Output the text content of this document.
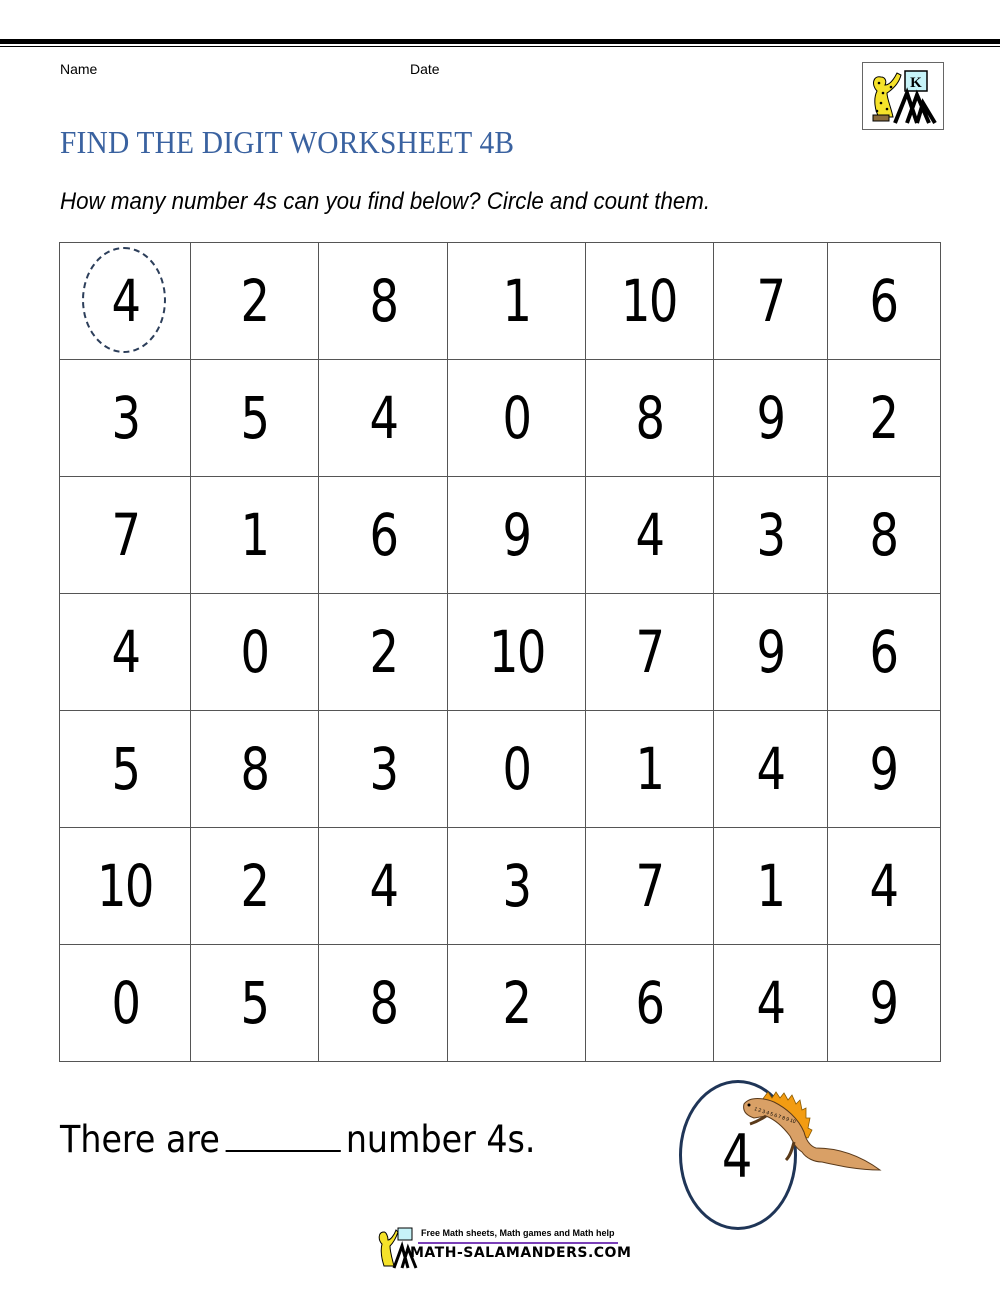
Name	Date
K
FIND THE DIGIT WORKSHEET 4B
How many number 4s can you find below? Circle and count them.
4	2	8	1	10	7	6
3	5	4	0	8	9	2
7	1	6	9	4	3	8
4	0	2	10	7	9	6
5	8	3	0	1	4	9
10	2	4	3	7	1	4
0	5	8	2	6	4	9
There are	number 4s.	4
1 2 3 4 5 6 7 8 9 10
Free Math sheets, Math games and Math help
MATH-SALAMANDERS.COM
